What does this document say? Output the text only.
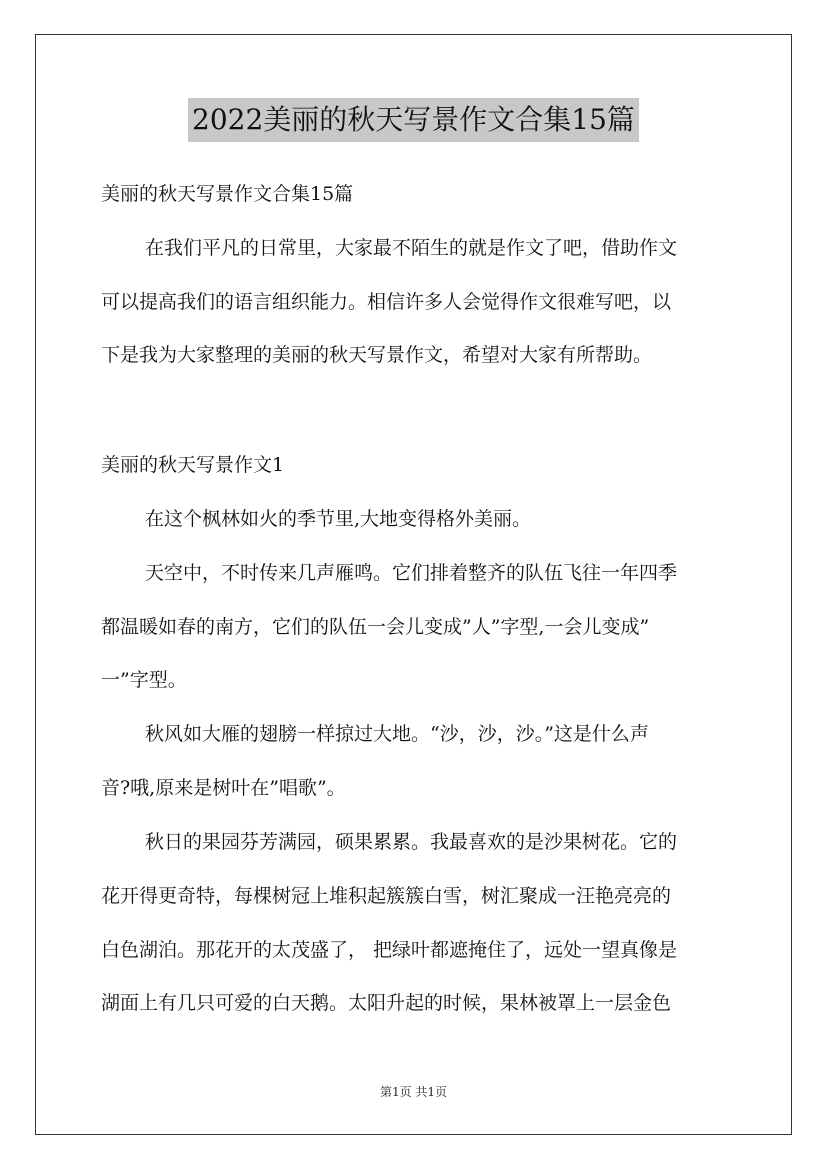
2022美丽的秋天写景作文合集15篇
美丽的秋天写景作文合集15篇
在我们平凡的日常里，大家最不陌生的就是作文了吧，借助作文
可以提高我们的语言组织能力。相信许多人会觉得作文很难写吧，以
下是我为大家整理的美丽的秋天写景作文，希望对大家有所帮助。
美丽的秋天写景作文1
在这个枫林如火的季节里,大地变得格外美丽。
天空中，不时传来几声雁鸣。它们排着整齐的队伍飞往一年四季
都温暖如春的南方，它们的队伍一会儿变成”人”字型,一会儿变成”
一”字型。
秋风如大雁的翅膀一样掠过大地。“沙，沙，沙。”这是什么声
音?哦,原来是树叶在”唱歌”。
秋日的果园芬芳满园，硕果累累。我最喜欢的是沙果树花。它的
花开得更奇特，每棵树冠上堆积起簇簇白雪，树汇聚成一汪艳亮亮的
白色湖泊。那花开的太茂盛了， 把绿叶都遮掩住了，远处一望真像是
湖面上有几只可爱的白天鹅。太阳升起的时候，果林被罩上一层金色
第1页 共1页
